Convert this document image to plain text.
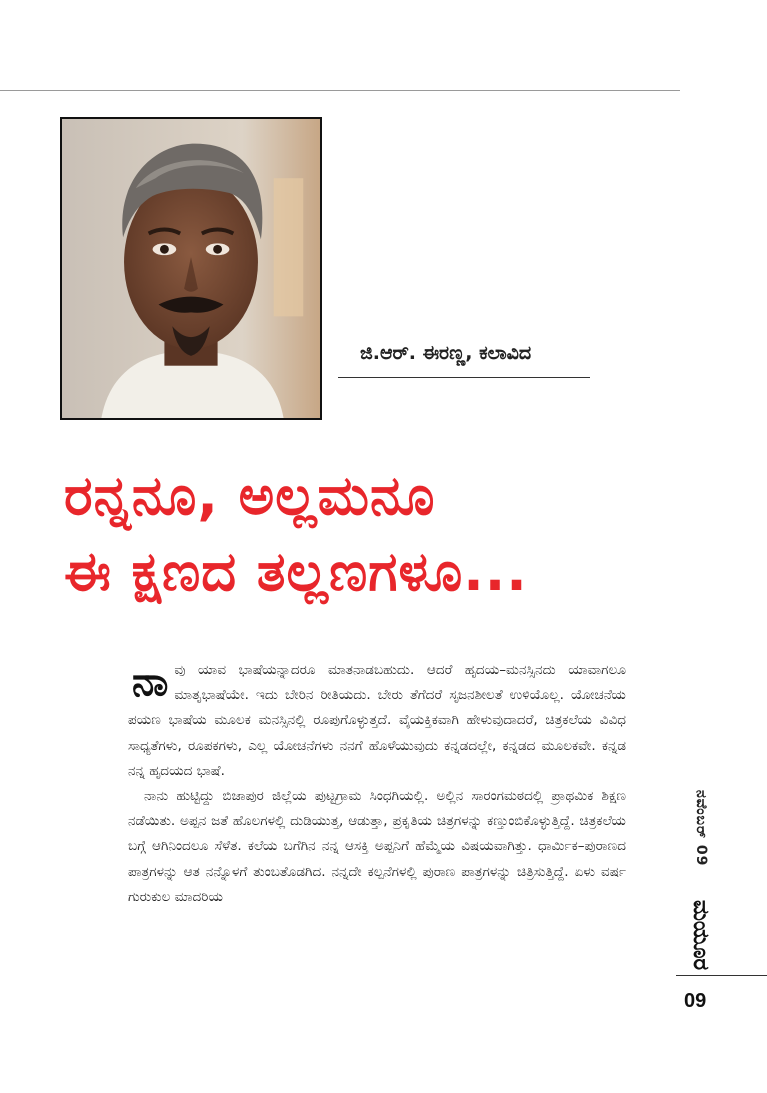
ಜಿ.ಆರ್. ಈರಣ್ಣ, ಕಲಾವಿದ
ರನ್ನನೂ, ಅಲ್ಲಮನೂ
ಈ ಕ್ಷಣದ ತಲ್ಲಣಗಳೂ...

ನಾವು ಯಾವ ಭಾಷೆಯನ್ನಾದರೂ ಮಾತನಾಡಬಹುದು. ಆದರೆ ಹೃದಯ–ಮನಸ್ಸಿನದು ಯಾವಾಗಲೂ ಮಾತೃಭಾಷೆಯೇ. ಇದು ಬೇರಿನ ರೀತಿಯದು. ಬೇರು ತೆಗೆದರೆ ಸೃಜನಶೀಲತೆ ಉಳಿಯೊಲ್ಲ. ಯೋಚನೆಯ ಪಯಣ ಭಾಷೆಯ ಮೂಲಕ ಮನಸ್ಸಿನಲ್ಲಿ ರೂಪುಗೊಳ್ಳುತ್ತದೆ. ವೈಯಕ್ತಿಕವಾಗಿ ಹೇಳುವುದಾದರೆ, ಚಿತ್ರಕಲೆಯ ವಿವಿಧ ಸಾಧ್ಯತೆಗಳು, ರೂಪಕಗಳು, ಎಲ್ಲ ಯೋಚನೆಗಳು ನನಗೆ ಹೊಳೆಯುವುದು ಕನ್ನಡದಲ್ಲೇ, ಕನ್ನಡದ ಮೂಲಕವೇ. ಕನ್ನಡ ನನ್ನ ಹೃದಯದ ಭಾಷೆ.

ನಾನು ಹುಟ್ಟಿದ್ದು ಬಿಜಾಪುರ ಜಿಲ್ಲೆಯ ಪುಟ್ಟಗ್ರಾಮ ಸಿಂಧಗಿಯಲ್ಲಿ. ಅಲ್ಲಿನ ಸಾರಂಗಮಠದಲ್ಲಿ ಪ್ರಾಥಮಿಕ ಶಿಕ್ಷಣ ನಡೆಯಿತು. ಅಪ್ಪನ ಜತೆ ಹೊಲಗಳಲ್ಲಿ ದುಡಿಯುತ್ತ, ಆಡುತ್ತಾ, ಪ್ರಕೃತಿಯ ಚಿತ್ರಗಳನ್ನು ಕಣ್ತುಂಬಿಕೊಳ್ಳುತ್ತಿದ್ದೆ. ಚಿತ್ರಕಲೆಯ ಬಗ್ಗೆ ಆಗಿನಿಂದಲೂ ಸೆಳೆತ. ಕಲೆಯ ಬಗೆಗಿನ ನನ್ನ ಆಸಕ್ತಿ ಅಪ್ಪನಿಗೆ ಹೆಮ್ಮೆಯ ವಿಷಯವಾಗಿತ್ತು. ಧಾರ್ಮಿಕ–ಪುರಾಣದ ಪಾತ್ರಗಳನ್ನು ಆತ ನನ್ನೊಳಗೆ ತುಂಬತೊಡಗಿದ. ನನ್ನದೇ ಕಲ್ಪನೆಗಳಲ್ಲಿ ಪುರಾಣ ಪಾತ್ರಗಳನ್ನು ಚಿತ್ರಿಸುತ್ತಿದ್ದೆ. ಏಳು ವರ್ಷ ಗುರುಕುಲ ಮಾದರಿಯ

ನವೆಂಬರ್ 09
ಮಯೂರ
09
